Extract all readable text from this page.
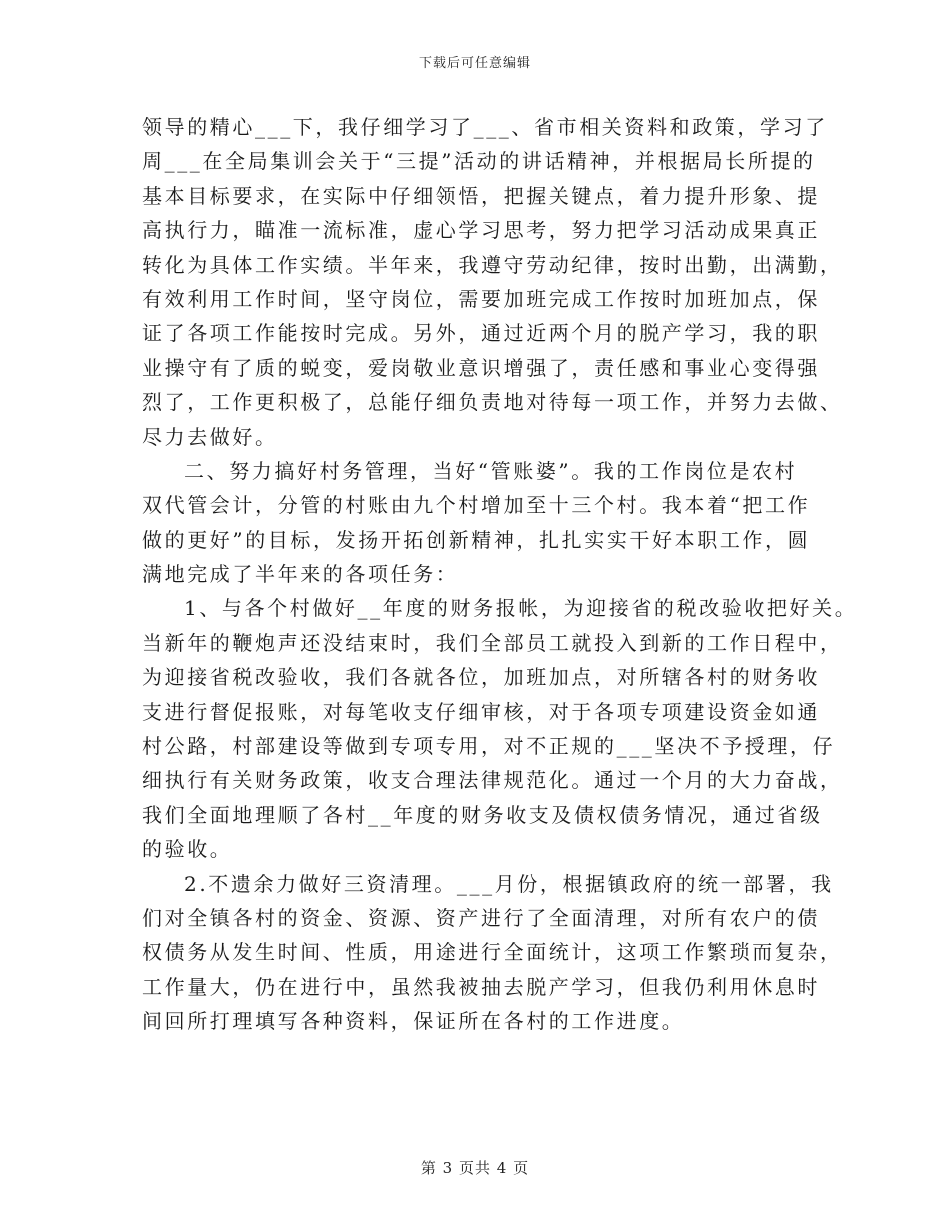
下载后可任意编辑
领导的精心___下，我仔细学习了___、省市相关资料和政策，学习了
周___在全局集训会关于“三提”活动的讲话精神，并根据局长所提的
基本目标要求，在实际中仔细领悟，把握关键点，着力提升形象、提
高执行力，瞄准一流标准，虚心学习思考，努力把学习活动成果真正
转化为具体工作实绩。半年来，我遵守劳动纪律，按时出勤，出满勤，
有效利用工作时间，坚守岗位，需要加班完成工作按时加班加点，保
证了各项工作能按时完成。另外，通过近两个月的脱产学习，我的职
业操守有了质的蜕变，爱岗敬业意识增强了，责任感和事业心变得强
烈了，工作更积极了，总能仔细负责地对待每一项工作，并努力去做、
尽力去做好。
二、努力搞好村务管理，当好“管账婆”。我的工作岗位是农村
双代管会计，分管的村账由九个村增加至十三个村。我本着“把工作
做的更好”的目标，发扬开拓创新精神，扎扎实实干好本职工作，圆
满地完成了半年来的各项任务：
1、与各个村做好__年度的财务报帐，为迎接省的税改验收把好关。
当新年的鞭炮声还没结束时，我们全部员工就投入到新的工作日程中，
为迎接省税改验收，我们各就各位，加班加点，对所辖各村的财务收
支进行督促报账，对每笔收支仔细审核，对于各项专项建设资金如通
村公路，村部建设等做到专项专用，对不正规的___坚决不予授理，仔
细执行有关财务政策，收支合理法律规范化。通过一个月的大力奋战，
我们全面地理顺了各村__年度的财务收支及债权债务情况，通过省级
的验收。
2.不遗余力做好三资清理。___月份，根据镇政府的统一部署，我
们对全镇各村的资金、资源、资产进行了全面清理，对所有农户的债
权债务从发生时间、性质，用途进行全面统计，这项工作繁琐而复杂，
工作量大，仍在进行中，虽然我被抽去脱产学习，但我仍利用休息时
间回所打理填写各种资料，保证所在各村的工作进度。
第 3 页共 4 页
